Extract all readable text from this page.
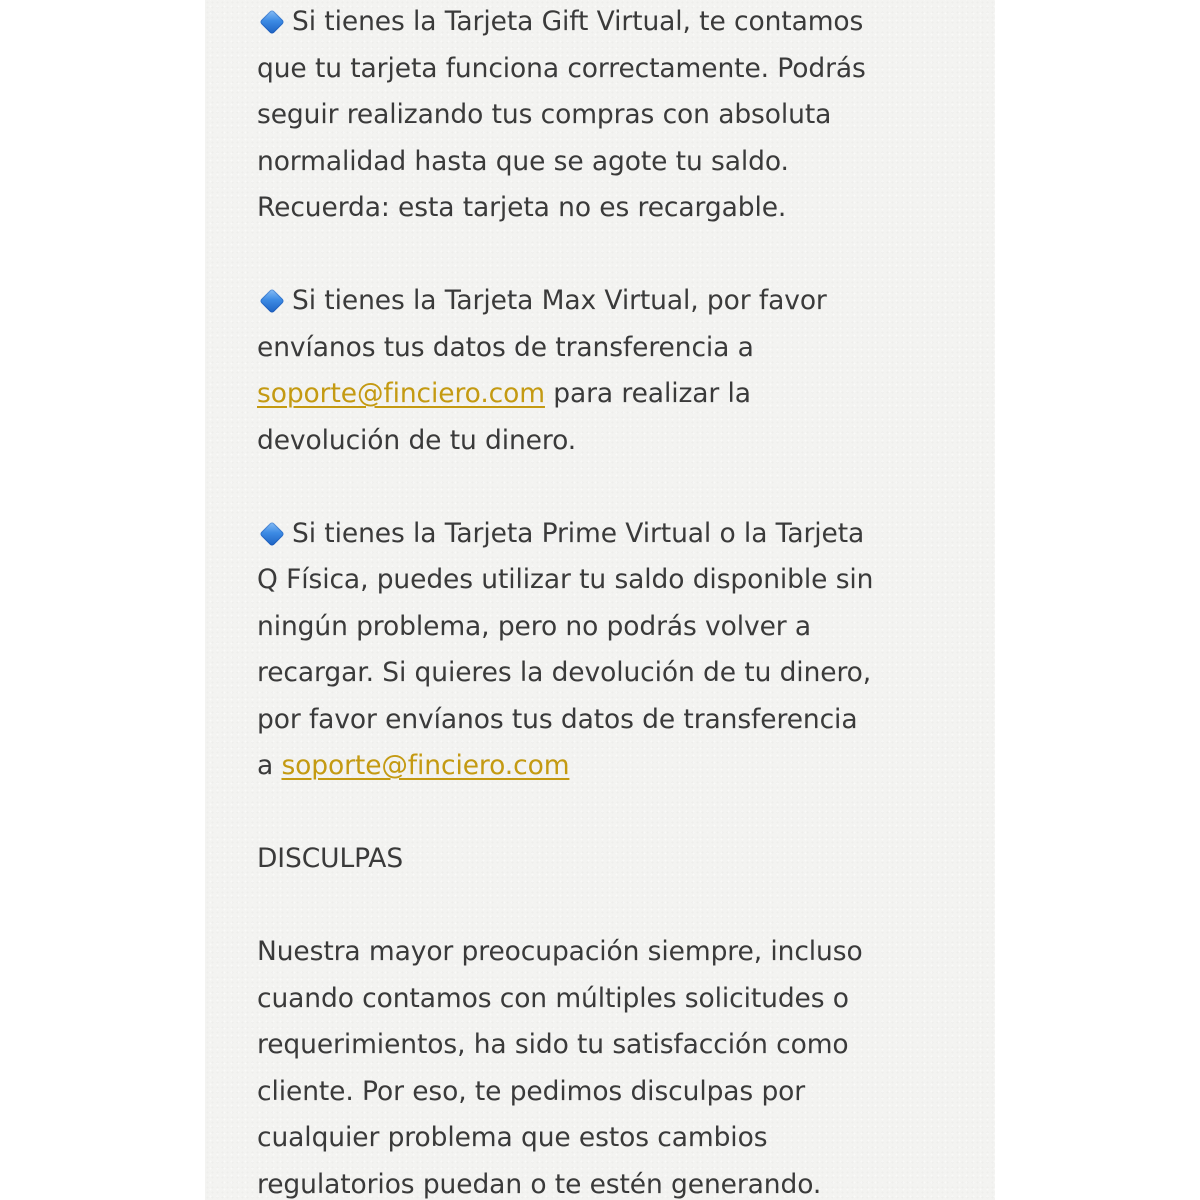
Si tienes la Tarjeta Gift Virtual, te contamos
que tu tarjeta funciona correctamente. Podrás
seguir realizando tus compras con absoluta
normalidad hasta que se agote tu saldo.
Recuerda: esta tarjeta no es recargable.

Si tienes la Tarjeta Max Virtual, por favor
envíanos tus datos de transferencia a
soporte@finciero.com para realizar la
devolución de tu dinero.

Si tienes la Tarjeta Prime Virtual o la Tarjeta
Q Física, puedes utilizar tu saldo disponible sin
ningún problema, pero no podrás volver a
recargar. Si quieres la devolución de tu dinero,
por favor envíanos tus datos de transferencia
a soporte@finciero.com

DISCULPAS

Nuestra mayor preocupación siempre, incluso
cuando contamos con múltiples solicitudes o
requerimientos, ha sido tu satisfacción como
cliente. Por eso, te pedimos disculpas por
cualquier problema que estos cambios
regulatorios puedan o te estén generando.
